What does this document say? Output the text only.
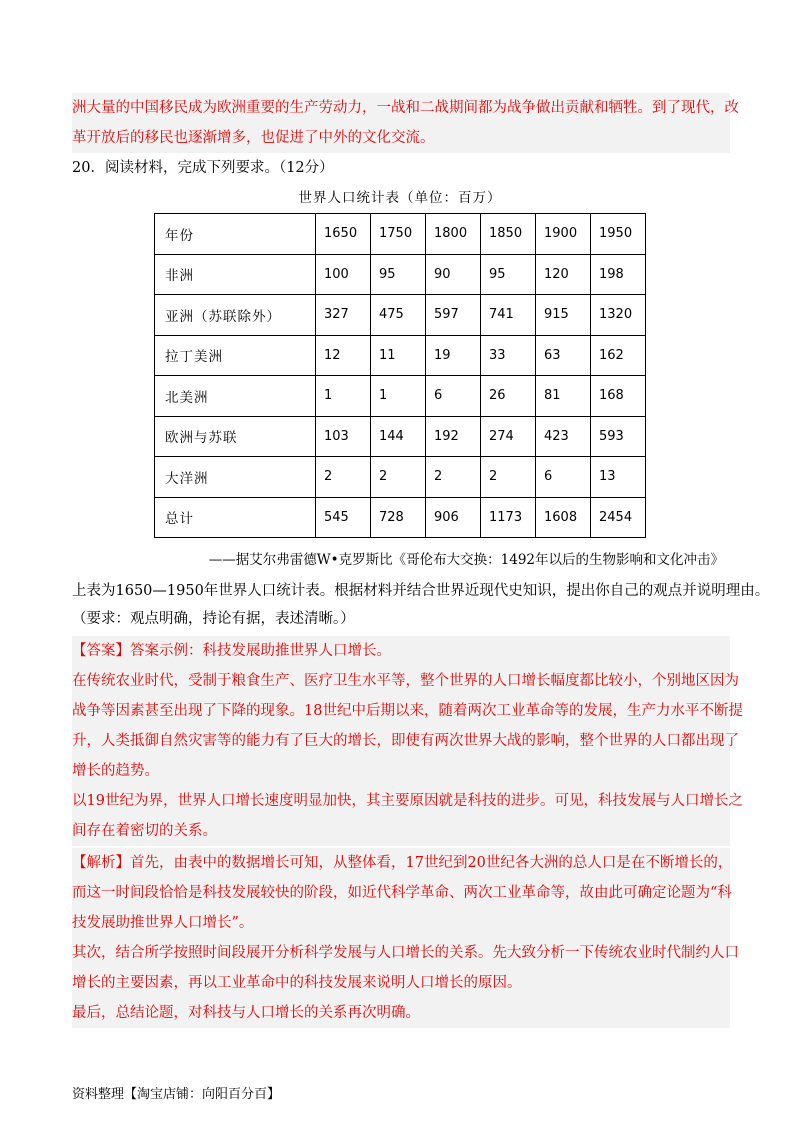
洲大量的中国移民成为欧洲重要的生产劳动力，一战和二战期间都为战争做出贡献和牺牲。到了现代，改
革开放后的移民也逐渐增多，也促进了中外的文化交流。
20．阅读材料，完成下列要求。（12分）
世界人口统计表（单位：百万）
年份	1650	1750	1800	1850	1900	1950
非洲	100	95	90	95	120	198
亚洲（苏联除外）	327	475	597	741	915	1320
拉丁美洲	12	11	19	33	63	162
北美洲	1	1	6	26	81	168
欧洲与苏联	103	144	192	274	423	593
大洋洲	2	2	2	2	6	13
总计	545	728	906	1173	1608	2454
——据艾尔弗雷德W•克罗斯比《哥伦布大交换：1492年以后的生物影响和文化冲击》
上表为1650—1950年世界人口统计表。根据材料并结合世界近现代史知识，提出你自己的观点并说明理由。
（要求：观点明确，持论有据，表述清晰。）
【答案】答案示例：科技发展助推世界人口增长。
在传统农业时代，受制于粮食生产、医疗卫生水平等，整个世界的人口增长幅度都比较小，个别地区因为
战争等因素甚至出现了下降的现象。18世纪中后期以来，随着两次工业革命等的发展，生产力水平不断提
升，人类抵御自然灾害等的能力有了巨大的增长，即使有两次世界大战的影响，整个世界的人口都出现了
增长的趋势。
以19世纪为界，世界人口增长速度明显加快，其主要原因就是科技的进步。可见，科技发展与人口增长之
间存在着密切的关系。
【解析】首先，由表中的数据增长可知，从整体看，17世纪到20世纪各大洲的总人口是在不断增长的，
而这一时间段恰恰是科技发展较快的阶段，如近代科学革命、两次工业革命等，故由此可确定论题为“科
技发展助推世界人口增长”。
其次，结合所学按照时间段展开分析科学发展与人口增长的关系。先大致分析一下传统农业时代制约人口
增长的主要因素，再以工业革命中的科技发展来说明人口增长的原因。
最后，总结论题，对科技与人口增长的关系再次明确。
资料整理【淘宝店铺：向阳百分百】
